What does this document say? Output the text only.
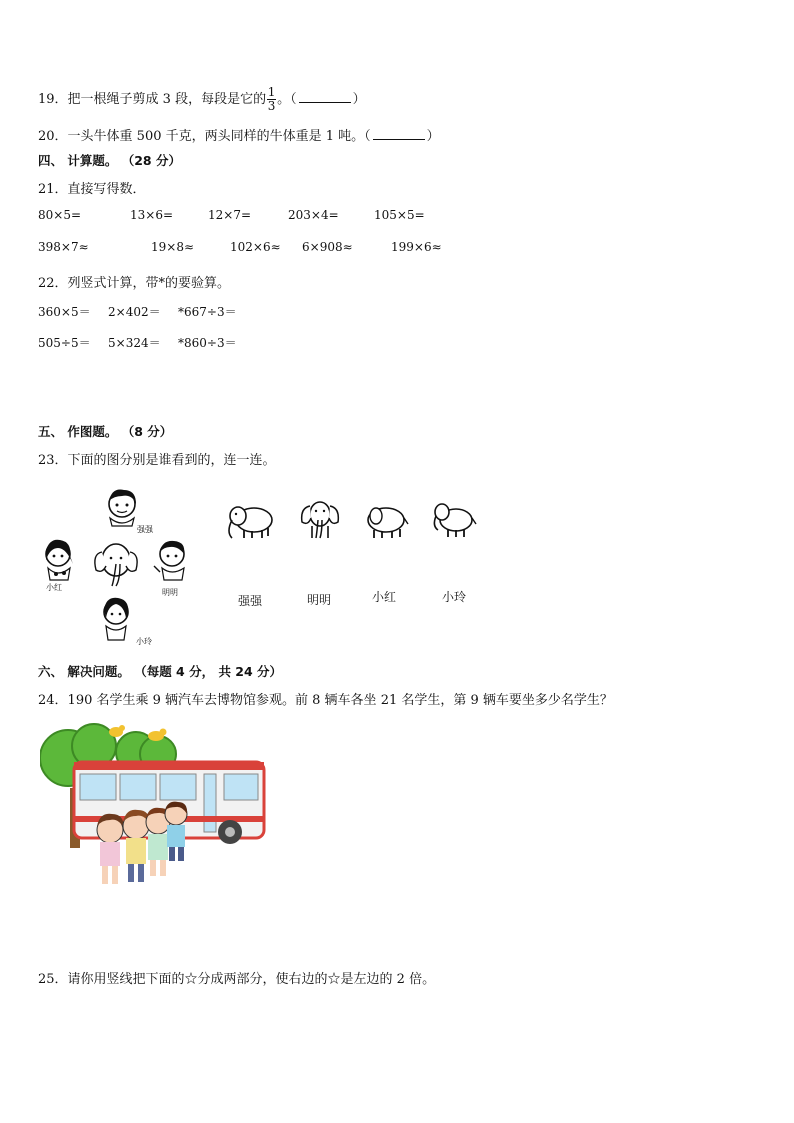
19．把一根绳子剪成 3 段，每段是它的 $\frac{1}{3}$ 。（	）
20．一头牛体重 500 千克，两头同样的牛体重是 1 吨。（	）
四、 计算题。 （28 分）
21．直接写得数．
80×5=	13×6=	12×7=	203×4=	105×5=
398×7≈	19×8≈	102×6≈ 6×908≈	199×6≈
22．列竖式计算，带*的要验算。
360×5＝ 2×402＝ *667÷3＝
505÷5＝ 5×324＝ *860÷3＝
五、 作图题。 （8 分）
23．下面的图分别是谁看到的，连一连。
强强
小红
明明
小玲
强强	明明	小红	小玲
六、 解决问题。 （每题 4 分， 共 24 分）
24．190 名学生乘 9 辆汽车去博物馆参观。前 8 辆车各坐 21 名学生，第 9 辆车要坐多少名学生？
25．请你用竖线把下面的☆分成两部分，使右边的☆是左边的 2 倍。
